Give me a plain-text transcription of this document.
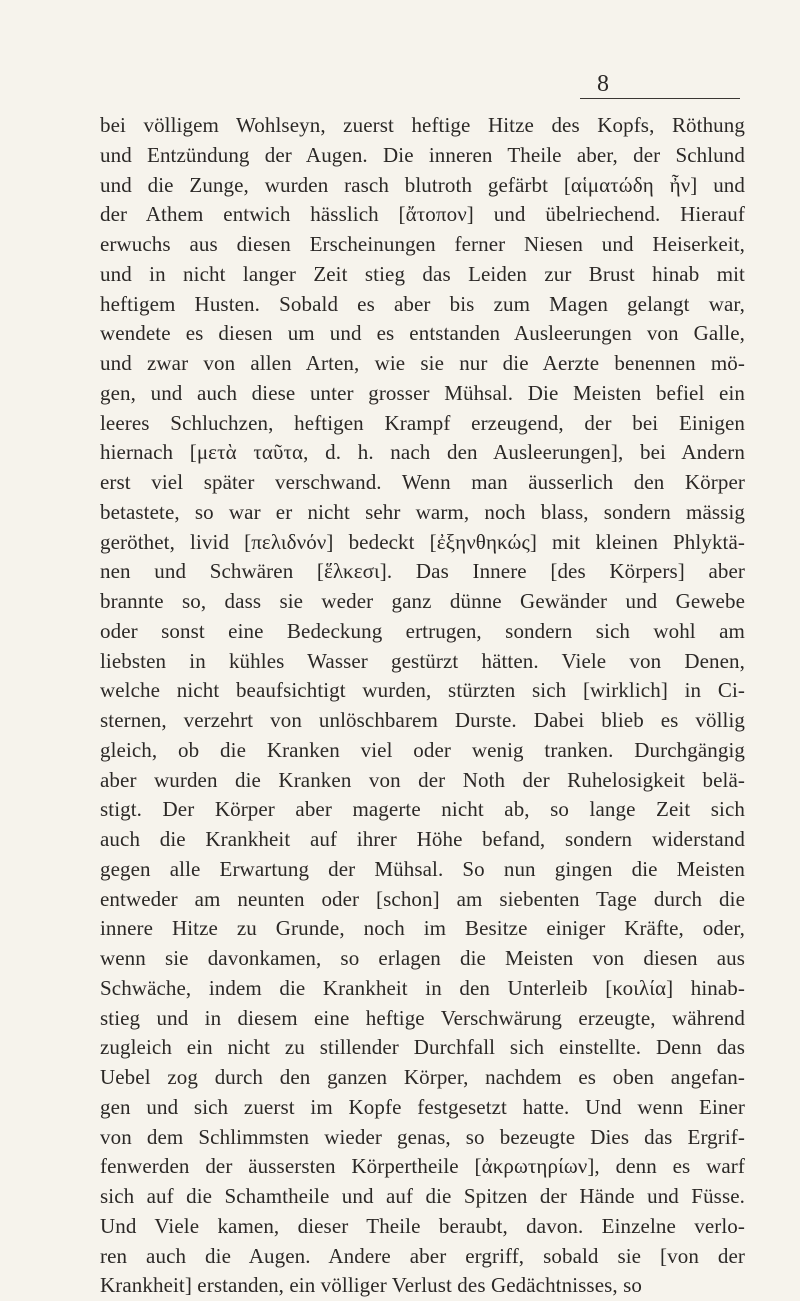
8
bei völligem Wohlseyn, zuerst heftige Hitze des Kopfs, Röthung
und Entzündung der Augen. Die inneren Theile aber, der Schlund
und die Zunge, wurden rasch blutroth gefärbt [αἱματώδη ἦν] und
der Athem entwich hässlich [ἄτοπον] und übelriechend. Hierauf
erwuchs aus diesen Erscheinungen ferner Niesen und Heiserkeit,
und in nicht langer Zeit stieg das Leiden zur Brust hinab mit
heftigem Husten. Sobald es aber bis zum Magen gelangt war,
wendete es diesen um und es entstanden Ausleerungen von Galle,
und zwar von allen Arten, wie sie nur die Aerzte benennen mö-
gen, und auch diese unter grosser Mühsal. Die Meisten befiel ein
leeres Schluchzen, heftigen Krampf erzeugend, der bei Einigen
hiernach [μετὰ ταῦτα, d. h. nach den Ausleerungen], bei Andern
erst viel später verschwand. Wenn man äusserlich den Körper
betastete, so war er nicht sehr warm, noch blass, sondern mässig
geröthet, livid [πελιδνόν] bedeckt [ἐξηνθηκώς] mit kleinen Phlyktä-
nen und Schwären [ἕλκεσι]. Das Innere [des Körpers] aber
brannte so, dass sie weder ganz dünne Gewänder und Gewebe
oder sonst eine Bedeckung ertrugen, sondern sich wohl am
liebsten in kühles Wasser gestürzt hätten. Viele von Denen,
welche nicht beaufsichtigt wurden, stürzten sich [wirklich] in Ci-
sternen, verzehrt von unlöschbarem Durste. Dabei blieb es völlig
gleich, ob die Kranken viel oder wenig tranken. Durchgängig
aber wurden die Kranken von der Noth der Ruhelosigkeit belä-
stigt. Der Körper aber magerte nicht ab, so lange Zeit sich
auch die Krankheit auf ihrer Höhe befand, sondern widerstand
gegen alle Erwartung der Mühsal. So nun gingen die Meisten
entweder am neunten oder [schon] am siebenten Tage durch die
innere Hitze zu Grunde, noch im Besitze einiger Kräfte, oder,
wenn sie davonkamen, so erlagen die Meisten von diesen aus
Schwäche, indem die Krankheit in den Unterleib [κοιλία] hinab-
stieg und in diesem eine heftige Verschwärung erzeugte, während
zugleich ein nicht zu stillender Durchfall sich einstellte. Denn das
Uebel zog durch den ganzen Körper, nachdem es oben angefan-
gen und sich zuerst im Kopfe festgesetzt hatte. Und wenn Einer
von dem Schlimmsten wieder genas, so bezeugte Dies das Ergrif-
fenwerden der äussersten Körpertheile [ἀκρωτηρίων], denn es warf
sich auf die Schamtheile und auf die Spitzen der Hände und Füsse.
Und Viele kamen, dieser Theile beraubt, davon. Einzelne verlo-
ren auch die Augen. Andere aber ergriff, sobald sie [von der
Krankheit] erstanden, ein völliger Verlust des Gedächtnisses, so
